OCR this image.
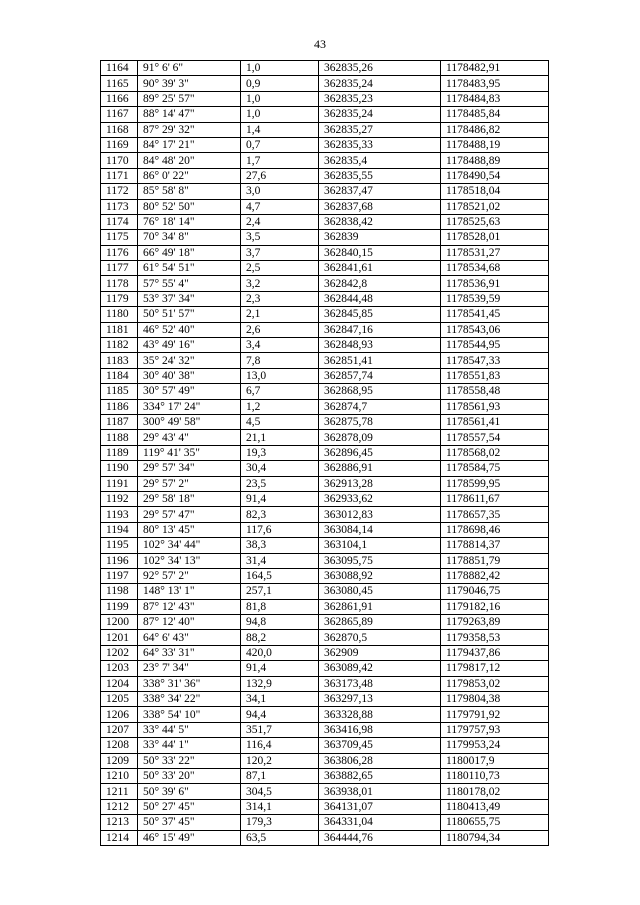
43
1164	91° 6' 6"	1,0	362835,26	1178482,91
1165	90° 39' 3"	0,9	362835,24	1178483,95
1166	89° 25' 57"	1,0	362835,23	1178484,83
1167	88° 14' 47"	1,0	362835,24	1178485,84
1168	87° 29' 32"	1,4	362835,27	1178486,82
1169	84° 17' 21"	0,7	362835,33	1178488,19
1170	84° 48' 20"	1,7	362835,4	1178488,89
1171	86° 0' 22"	27,6	362835,55	1178490,54
1172	85° 58' 8"	3,0	362837,47	1178518,04
1173	80° 52' 50"	4,7	362837,68	1178521,02
1174	76° 18' 14"	2,4	362838,42	1178525,63
1175	70° 34' 8"	3,5	362839	1178528,01
1176	66° 49' 18"	3,7	362840,15	1178531,27
1177	61° 54' 51"	2,5	362841,61	1178534,68
1178	57° 55' 4"	3,2	362842,8	1178536,91
1179	53° 37' 34"	2,3	362844,48	1178539,59
1180	50° 51' 57"	2,1	362845,85	1178541,45
1181	46° 52' 40"	2,6	362847,16	1178543,06
1182	43° 49' 16"	3,4	362848,93	1178544,95
1183	35° 24' 32"	7,8	362851,41	1178547,33
1184	30° 40' 38"	13,0	362857,74	1178551,83
1185	30° 57' 49"	6,7	362868,95	1178558,48
1186	334° 17' 24"	1,2	362874,7	1178561,93
1187	300° 49' 58"	4,5	362875,78	1178561,41
1188	29° 43' 4"	21,1	362878,09	1178557,54
1189	119° 41' 35"	19,3	362896,45	1178568,02
1190	29° 57' 34"	30,4	362886,91	1178584,75
1191	29° 57' 2"	23,5	362913,28	1178599,95
1192	29° 58' 18"	91,4	362933,62	1178611,67
1193	29° 57' 47"	82,3	363012,83	1178657,35
1194	80° 13' 45"	117,6	363084,14	1178698,46
1195	102° 34' 44"	38,3	363104,1	1178814,37
1196	102° 34' 13"	31,4	363095,75	1178851,79
1197	92° 57' 2"	164,5	363088,92	1178882,42
1198	148° 13' 1"	257,1	363080,45	1179046,75
1199	87° 12' 43"	81,8	362861,91	1179182,16
1200	87° 12' 40"	94,8	362865,89	1179263,89
1201	64° 6' 43"	88,2	362870,5	1179358,53
1202	64° 33' 31"	420,0	362909	1179437,86
1203	23° 7' 34"	91,4	363089,42	1179817,12
1204	338° 31' 36"	132,9	363173,48	1179853,02
1205	338° 34' 22"	34,1	363297,13	1179804,38
1206	338° 54' 10"	94,4	363328,88	1179791,92
1207	33° 44' 5"	351,7	363416,98	1179757,93
1208	33° 44' 1"	116,4	363709,45	1179953,24
1209	50° 33' 22"	120,2	363806,28	1180017,9
1210	50° 33' 20"	87,1	363882,65	1180110,73
1211	50° 39' 6"	304,5	363938,01	1180178,02
1212	50° 27' 45"	314,1	364131,07	1180413,49
1213	50° 37' 45"	179,3	364331,04	1180655,75
1214	46° 15' 49"	63,5	364444,76	1180794,34
